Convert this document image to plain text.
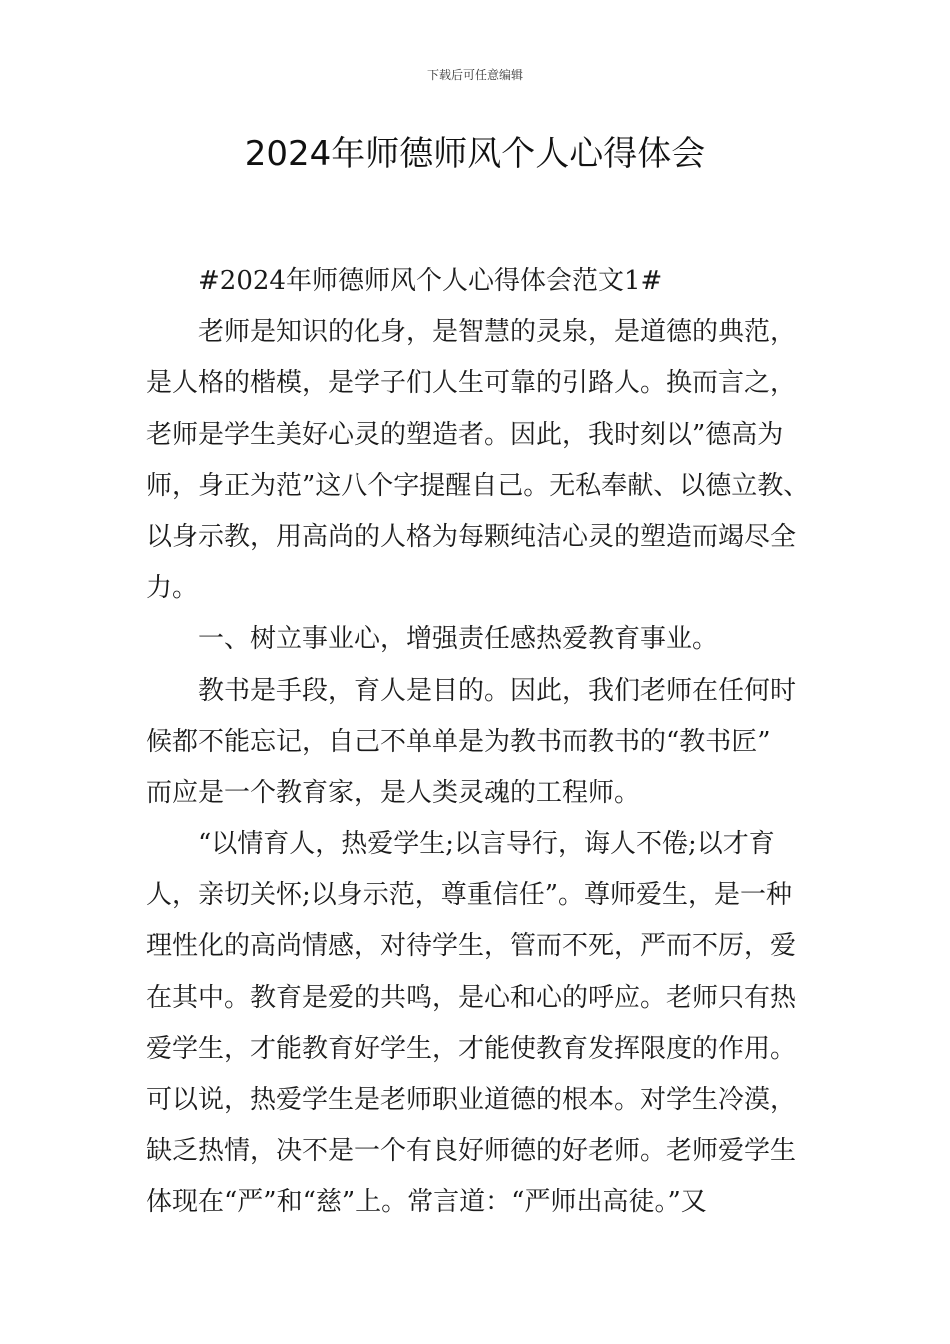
下载后可任意编辑
2024年师德师风个人心得体会
#2024年师德师风个人心得体会范文1#
老师是知识的化身，是智慧的灵泉，是道德的典范，
是人格的楷模，是学子们人生可靠的引路人。换而言之，
老师是学生美好心灵的塑造者。因此，我时刻以”德高为
师，身正为范”这八个字提醒自己。无私奉献、以德立教、
以身示教，用高尚的人格为每颗纯洁心灵的塑造而竭尽全
力。
一、树立事业心，增强责任感热爱教育事业。
教书是手段，育人是目的。因此，我们老师在任何时
候都不能忘记，自己不单单是为教书而教书的“教书匠”
而应是一个教育家，是人类灵魂的工程师。
“以情育人，热爱学生;以言导行，诲人不倦;以才育
人，亲切关怀;以身示范，尊重信任”。尊师爱生，是一种
理性化的高尚情感，对待学生，管而不死，严而不厉，爱
在其中。教育是爱的共鸣，是心和心的呼应。老师只有热
爱学生，才能教育好学生，才能使教育发挥限度的作用。
可以说，热爱学生是老师职业道德的根本。对学生冷漠，
缺乏热情，决不是一个有良好师德的好老师。老师爱学生
体现在“严”和“慈”上。常言道：“严师出高徒。”又
